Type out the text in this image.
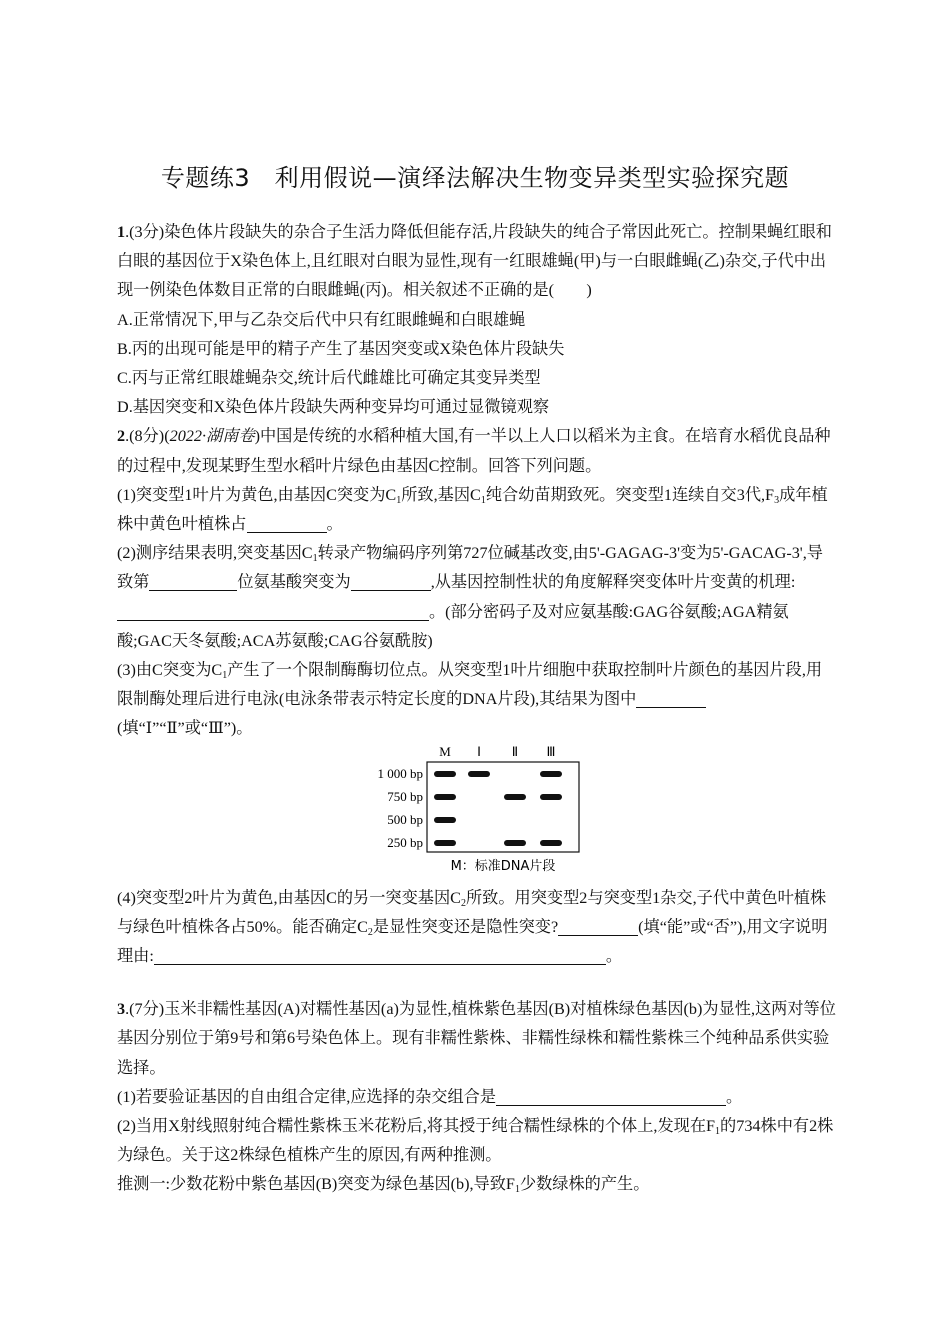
专题练3　利用假说—演绎法解决生物变异类型实验探究题

1.(3分)染色体片段缺失的杂合子生活力降低但能存活,片段缺失的纯合子常因此死亡。控制果蝇红眼和白眼的基因位于X染色体上,且红眼对白眼为显性,现有一红眼雄蝇(甲)与一白眼雌蝇(乙)杂交,子代中出现一例染色体数目正常的白眼雌蝇(丙)。相关叙述不正确的是(　　)

A.正常情况下,甲与乙杂交后代中只有红眼雌蝇和白眼雄蝇

B.丙的出现可能是甲的精子产生了基因突变或X染色体片段缺失

C.丙与正常红眼雄蝇杂交,统计后代雌雄比可确定其变异类型

D.基因突变和X染色体片段缺失两种变异均可通过显微镜观察

2.(8分)(2022·湖南卷)中国是传统的水稻种植大国,有一半以上人口以稻米为主食。在培育水稻优良品种的过程中,发现某野生型水稻叶片绿色由基因C控制。回答下列问题。

(1)突变型1叶片为黄色,由基因C突变为$C_1$所致,基因$C_1$纯合幼苗期致死。突变型1连续自交3代$,F_3$成年植株中黄色叶植株占	。

(2)测序结果表明,突变基因$C_1$转录产物编码序列第727位碱基改变,由5'-GAGAG-3'变为5'-GACAG-3',导致第	位氨基酸突变为	,从基因控制性状的角度解释突变体叶片变黄的机理:。(部分密码子及对应氨基酸:GAG谷氨酸;AGA精氨酸;GAC天冬氨酸;ACA苏氨酸;CAG谷氨酰胺)

(3)由C突变为$C_1$产生了一个限制酶酶切位点。从突变型1叶片细胞中获取控制叶片颜色的基因片段,用限制酶处理后进行电泳(电泳条带表示特定长度的DNA片段),其结果为图中
(填“Ⅰ”“Ⅱ”或“Ⅲ”)。

M Ⅰ Ⅱ Ⅲ
1 000 bp
750 bp
500 bp
250 bp
M：标准DNA片段

(4)突变型2叶片为黄色,由基因C的另一突变基因$C_2$所致。用突变型2与突变型1杂交,子代中黄色叶植株与绿色叶植株各占50%。能否确定$C_2$是显性突变还是隐性突变?	(填“能”或“否”),用文字说明理由:	。

3.(7分)玉米非糯性基因(A)对糯性基因(a)为显性,植株紫色基因(B)对植株绿色基因(b)为显性,这两对等位基因分别位于第9号和第6号染色体上。现有非糯性紫株、非糯性绿株和糯性紫株三个纯种品系供实验选择。

(1)若要验证基因的自由组合定律,应选择的杂交组合是	。

(2)当用X射线照射纯合糯性紫株玉米花粉后,将其授于纯合糯性绿株的个体上,发现在$F_1$的734株中有2株为绿色。关于这2株绿色植株产生的原因,有两种推测。

推测一:少数花粉中紫色基因(B)突变为绿色基因(b),导致$F_1$少数绿株的产生。
